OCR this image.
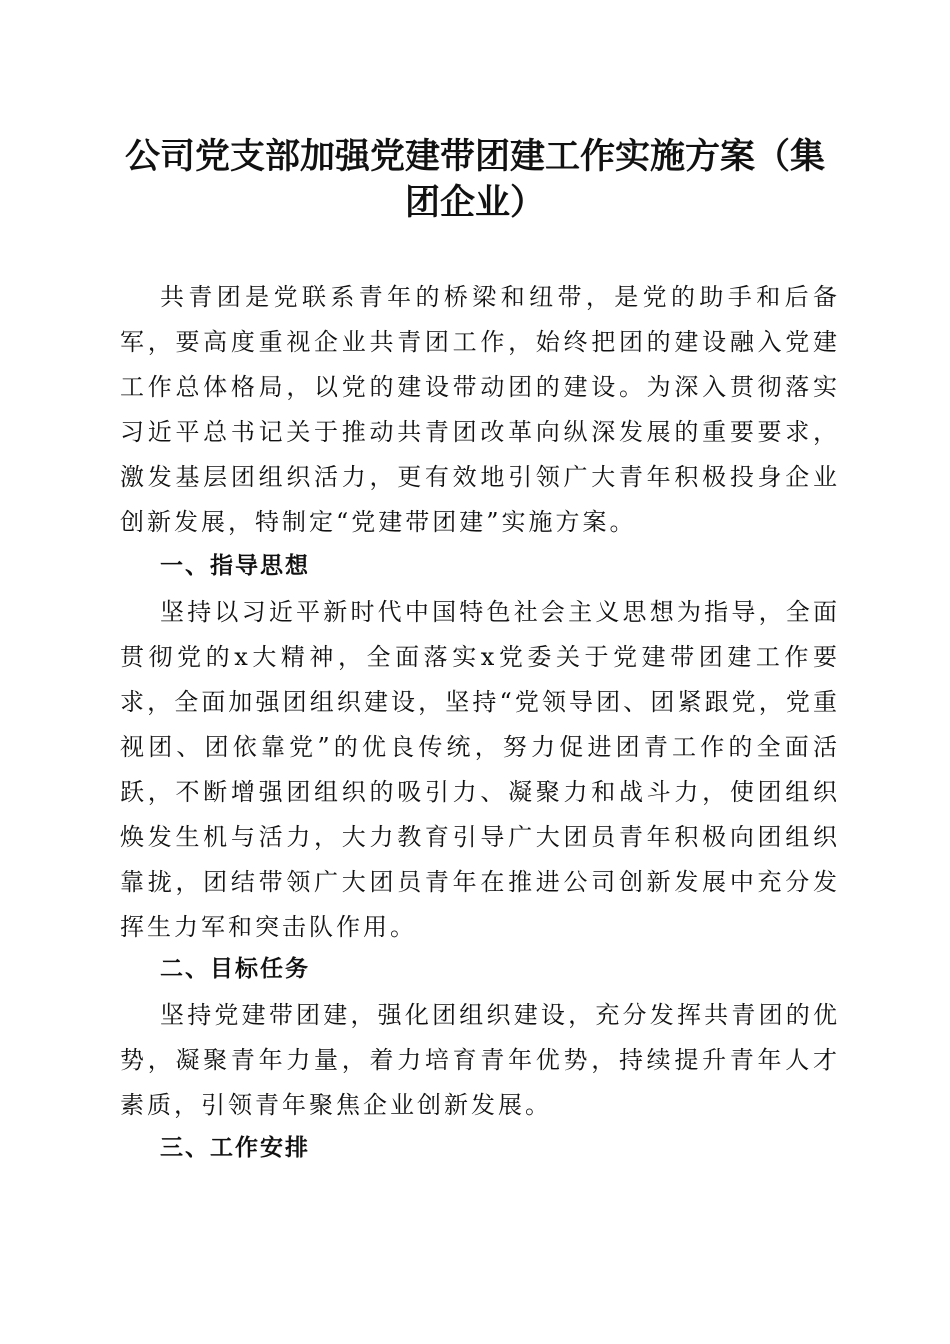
公司党支部加强党建带团建工作实施方案（集团企业）

共青团是党联系青年的桥梁和纽带，是党的助手和后备军，要高度重视企业共青团工作，始终把团的建设融入党建工作总体格局，以党的建设带动团的建设。为深入贯彻落实习近平总书记关于推动共青团改革向纵深发展的重要要求，激发基层团组织活力，更有效地引领广大青年积极投身企业创新发展，特制定“党建带团建”实施方案。

一、指导思想

坚持以习近平新时代中国特色社会主义思想为指导，全面贯彻党的x大精神，全面落实x党委关于党建带团建工作要求，全面加强团组织建设，坚持“党领导团、团紧跟党，党重视团、团依靠党”的优良传统，努力促进团青工作的全面活跃，不断增强团组织的吸引力、凝聚力和战斗力，使团组织焕发生机与活力，大力教育引导广大团员青年积极向团组织靠拢，团结带领广大团员青年在推进公司创新发展中充分发挥生力军和突击队作用。

二、目标任务

坚持党建带团建，强化团组织建设，充分发挥共青团的优势，凝聚青年力量，着力培育青年优势，持续提升青年人才素质，引领青年聚焦企业创新发展。

三、工作安排
